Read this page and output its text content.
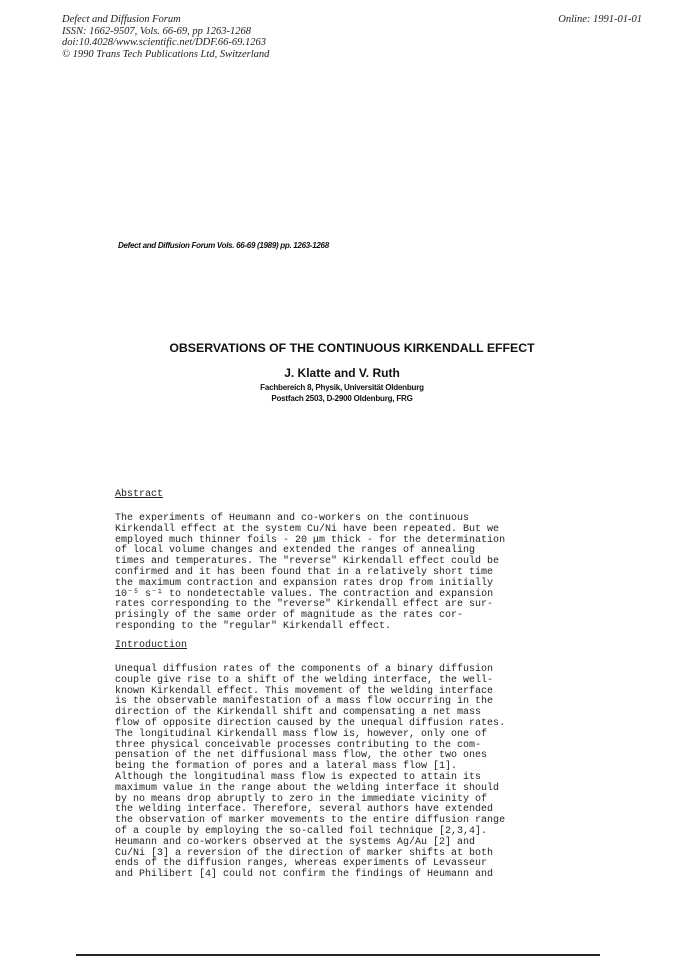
Defect and Diffusion Forum
ISSN: 1662-9507, Vols. 66-69, pp 1263-1268
doi:10.4028/www.scientific.net/DDF.66-69.1263
© 1990 Trans Tech Publications Ltd, Switzerland
Online: 1991-01-01
Defect and Diffusion Forum Vols. 66-69 (1989) pp. 1263-1268
OBSERVATIONS OF THE CONTINUOUS KIRKENDALL EFFECT
J. Klatte and V. Ruth
Fachbereich 8, Physik, Universität Oldenburg
Postfach 2503, D-2900 Oldenburg, FRG
Abstract
The experiments of Heumann and co-workers on the continuous
Kirkendall effect at the system Cu/Ni have been repeated. But we
employed much thinner foils - 20 μm thick - for the determination
of local volume changes and extended the ranges of annealing
times and temperatures. The "reverse" Kirkendall effect could be
confirmed and it has been found that in a relatively short time
the maximum contraction and expansion rates drop from initially
10⁻⁵ s⁻¹ to nondetectable values. The contraction and expansion
rates corresponding to the "reverse" Kirkendall effect are sur-
prisingly of the same order of magnitude as the rates cor-
responding to the "regular" Kirkendall effect.
Introduction
Unequal diffusion rates of the components of a binary diffusion
couple give rise to a shift of the welding interface, the well-
known Kirkendall effect. This movement of the welding interface
is the observable manifestation of a mass flow occurring in the
direction of the Kirkendall shift and compensating a net mass
flow of opposite direction caused by the unequal diffusion rates.
The longitudinal Kirkendall mass flow is, however, only one of
three physical conceivable processes contributing to the com-
pensation of the net diffusional mass flow, the other two ones
being the formation of pores and a lateral mass flow [1].
Although the longitudinal mass flow is expected to attain its
maximum value in the range about the welding interface it should
by no means drop abruptly to zero in the immediate vicinity of
the welding interface. Therefore, several authors have extended
the observation of marker movements to the entire diffusion range
of a couple by employing the so-called foil technique [2,3,4].
Heumann and co-workers observed at the systems Ag/Au [2] and
Cu/Ni [3] a reversion of the direction of marker shifts at both
ends of the diffusion ranges, whereas experiments of Levasseur
and Philibert [4] could not confirm the findings of Heumann and
